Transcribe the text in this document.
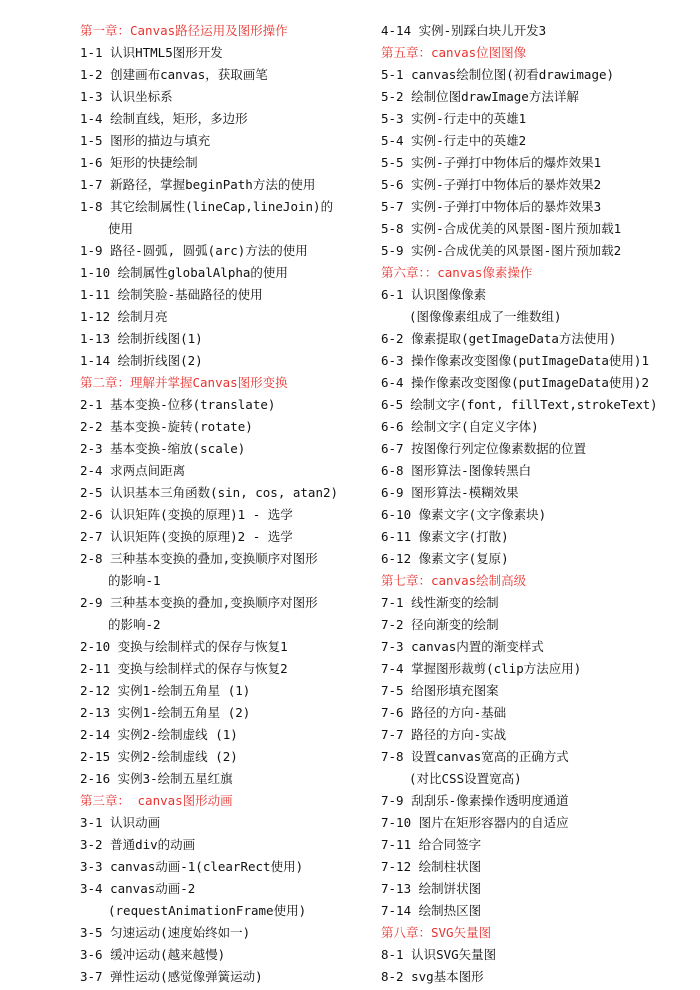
第一章：Canvas路径运用及图形操作
1-1 认识HTML5图形开发
1-2 创建画布canvas，获取画笔
1-3 认识坐标系
1-4 绘制直线，矩形，多边形
1-5 图形的描边与填充
1-6 矩形的快捷绘制
1-7 新路径，掌握beginPath方法的使用
1-8 其它绘制属性(lineCap,lineJoin)的
使用
1-9 路径-圆弧, 圆弧(arc)方法的使用
1-10 绘制属性globalAlpha的使用
1-11 绘制笑脸-基础路径的使用
1-12 绘制月亮
1-13 绘制折线图(1)
1-14 绘制折线图(2)
第二章：理解并掌握Canvas图形变换
2-1 基本变换-位移(translate)
2-2 基本变换-旋转(rotate)
2-3 基本变换-缩放(scale)
2-4 求两点间距离
2-5 认识基本三角函数(sin, cos, atan2)
2-6 认识矩阵(变换的原理)1 - 选学
2-7 认识矩阵(变换的原理)2 - 选学
2-8 三种基本变换的叠加,变换顺序对图形
的影响-1
2-9 三种基本变换的叠加,变换顺序对图形
的影响-2
2-10 变换与绘制样式的保存与恢复1
2-11 变换与绘制样式的保存与恢复2
2-12 实例1-绘制五角星 (1)
2-13 实例1-绘制五角星 (2)
2-14 实例2-绘制虚线 (1)
2-15 实例2-绘制虚线 (2)
2-16 实例3-绘制五星红旗
第三章： canvas图形动画
3-1 认识动画
3-2 普通div的动画
3-3 canvas动画-1(clearRect使用)
3-4 canvas动画-2
(requestAnimationFrame使用)
3-5 匀速运动(速度始终如一)
3-6 缓冲运动(越来越慢)
3-7 弹性运动(感觉像弹簧运动)
4-14 实例-别踩白块儿开发3
第五章：canvas位图图像
5-1 canvas绘制位图(初看drawimage)
5-2 绘制位图drawImage方法详解
5-3 实例-行走中的英雄1
5-4 实例-行走中的英雄2
5-5 实例-子弹打中物体后的爆炸效果1
5-6 实例-子弹打中物体后的暴炸效果2
5-7 实例-子弹打中物体后的暴炸效果3
5-8 实例-合成优美的风景图-图片预加载1
5-9 实例-合成优美的风景图-图片预加载2
第六章：：canvas像素操作
6-1 认识图像像素
(图像像素组成了一维数组)
6-2 像素提取(getImageData方法使用)
6-3 操作像素改变图像(putImageData使用)1
6-4 操作像素改变图像(putImageData使用)2
6-5 绘制文字(font, fillText,strokeText)
6-6 绘制文字(自定义字体)
6-7 按图像行列定位像素数据的位置
6-8 图形算法-图像转黑白
6-9 图形算法-模糊效果
6-10 像素文字(文字像素块)
6-11 像素文字(打散)
6-12 像素文字(复原)
第七章：canvas绘制高级
7-1 线性渐变的绘制
7-2 径向渐变的绘制
7-3 canvas内置的渐变样式
7-4 掌握图形裁剪(clip方法应用)
7-5 给图形填充图案
7-6 路径的方向-基础
7-7 路径的方向-实战
7-8 设置canvas宽高的正确方式
(对比CSS设置宽高)
7-9 刮刮乐-像素操作透明度通道
7-10 图片在矩形容器内的自适应
7-11 给合同签字
7-12 绘制柱状图
7-13 绘制饼状图
7-14 绘制热区图
第八章：SVG矢量图
8-1 认识SVG矢量图
8-2 svg基本图形
